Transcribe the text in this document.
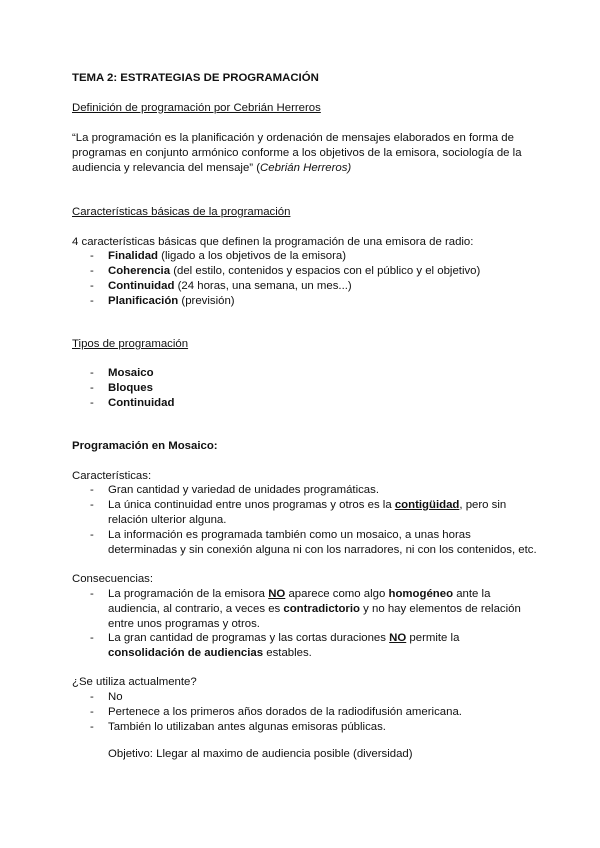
TEMA 2: ESTRATEGIAS DE PROGRAMACIÓN
Definición de programación por Cebrián Herreros
“La programación es la planificación y ordenación de mensajes elaborados en forma de
programas en conjunto armónico conforme a los objetivos de la emisora, sociología de la
audiencia y relevancia del mensaje” (Cebrián Herreros)
Características básicas de la programación
4 características básicas que definen la programación de una emisora de radio:
- Finalidad (ligado a los objetivos de la emisora)
- Coherencia (del estilo, contenidos y espacios con el público y el objetivo)
- Continuidad (24 horas, una semana, un mes...)
- Planificación (previsión)
Tipos de programación
- Mosaico
- Bloques
- Continuidad
Programación en Mosaico:
Características:
- Gran cantidad y variedad de unidades programáticas.
- La única continuidad entre unos programas y otros es la contigüidad, pero sin
relación ulterior alguna.
- La información es programada también como un mosaico, a unas horas
determinadas y sin conexión alguna ni con los narradores, ni con los contenidos, etc.
Consecuencias:
- La programación de la emisora NO aparece como algo homogéneo ante la
audiencia, al contrario, a veces es contradictorio y no hay elementos de relación
entre unos programas y otros.
- La gran cantidad de programas y las cortas duraciones NO permite la
consolidación de audiencias estables.
¿Se utiliza actualmente?
- No
- Pertenece a los primeros años dorados de la radiodifusión americana.
- También lo utilizaban antes algunas emisoras públicas.
Objetivo: Llegar al maximo de audiencia posible (diversidad)
